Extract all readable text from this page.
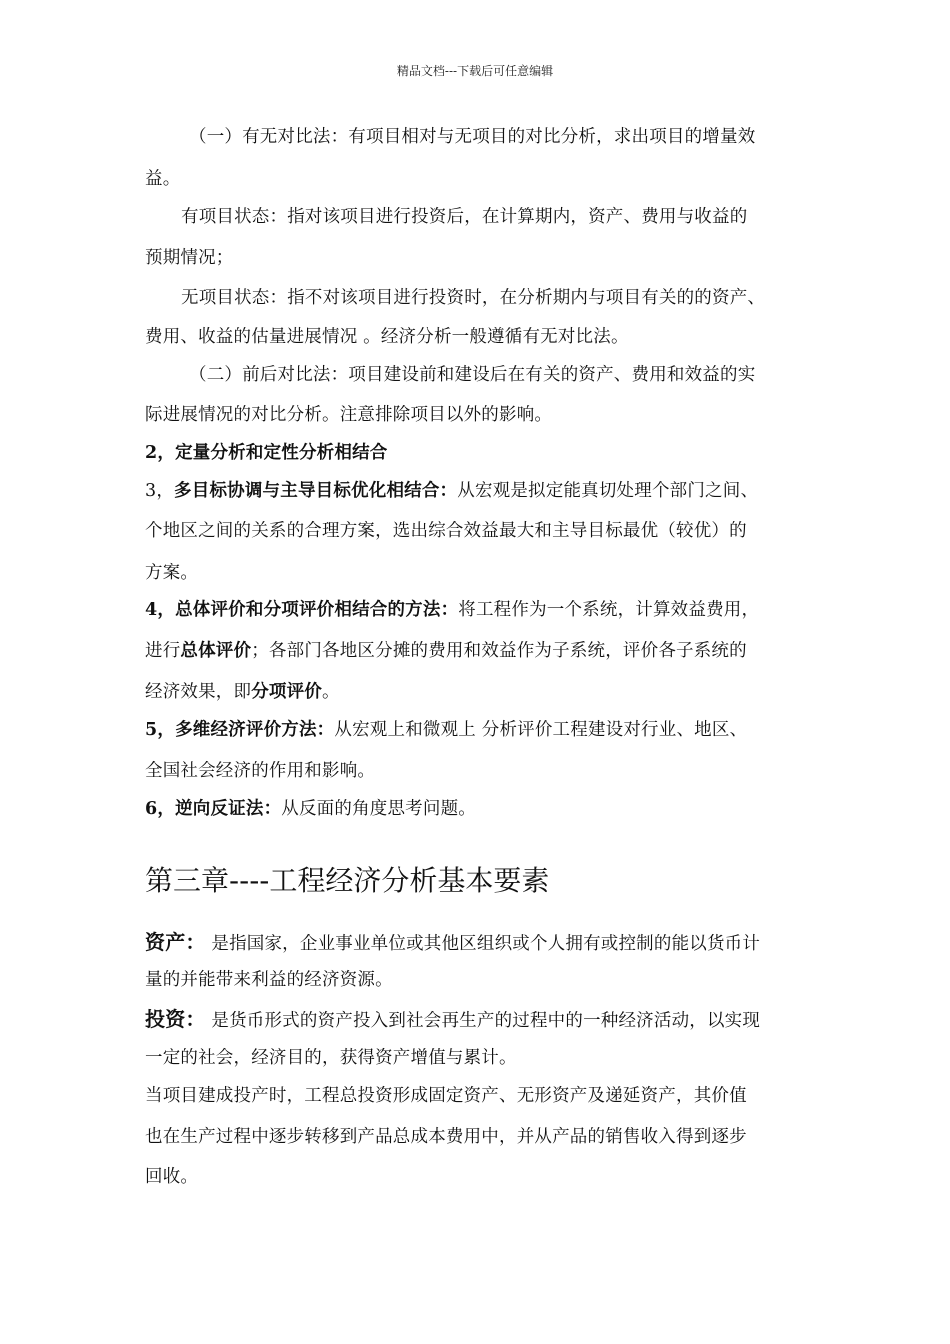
精品文档---下载后可任意编辑
（一）有无对比法：有项目相对与无项目的对比分析，求出项目的增量效
益。
有项目状态：指对该项目进行投资后，在计算期内，资产、费用与收益的
预期情况；
无项目状态：指不对该项目进行投资时，在分析期内与项目有关的的资产、
费用、收益的估量进展情况 。经济分析一般遵循有无对比法。
（二）前后对比法：项目建设前和建设后在有关的资产、费用和效益的实
际进展情况的对比分析。注意排除项目以外的影响。
2，定量分析和定性分析相结合
3，多目标协调与主导目标优化相结合：从宏观是拟定能真切处理个部门之间、
个地区之间的关系的合理方案，选出综合效益最大和主导目标最优（较优）的
方案。
4，总体评价和分项评价相结合的方法：将工程作为一个系统，计算效益费用，
进行总体评价；各部门各地区分摊的费用和效益作为子系统，评价各子系统的
经济效果，即分项评价。
5，多维经济评价方法：从宏观上和微观上 分析评价工程建设对行业、地区、
全国社会经济的作用和影响。
6，逆向反证法：从反面的角度思考问题。
第三章----工程经济分析基本要素
资产： 是指国家，企业事业单位或其他区组织或个人拥有或控制的能以货币计
量的并能带来利益的经济资源。
投资： 是货币形式的资产投入到社会再生产的过程中的一种经济活动，以实现
一定的社会，经济目的，获得资产增值与累计。
当项目建成投产时，工程总投资形成固定资产、无形资产及递延资产，其价值
也在生产过程中逐步转移到产品总成本费用中，并从产品的销售收入得到逐步
回收。
